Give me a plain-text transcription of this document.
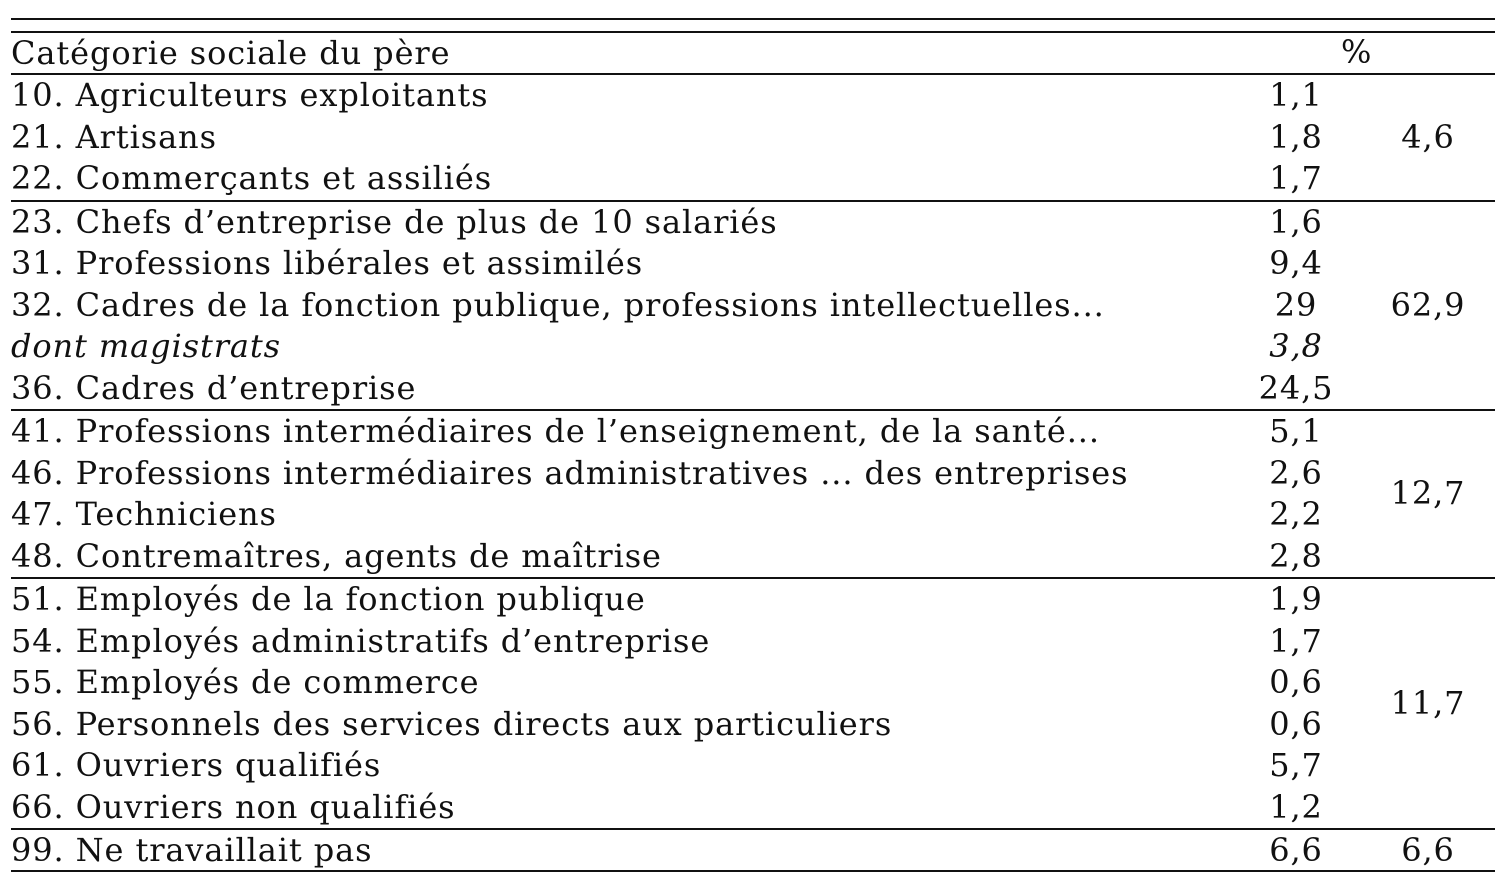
Catégorie sociale du père	%	

10. Agriculteurs exploitants	1,1	4,6
21. Artisans	1,8	
22. Commerçants et assiliés	1,7	
23. Chefs d’entreprise de plus de 10 salariés	1,6	62,9
31. Professions libérales et assimilés	9,4	
32. Cadres de la fonction publique, professions intellectuelles...	29	
dont magistrats	3,8	
36. Cadres d’entreprise	24,5	
41. Professions intermédiaires de l’enseignement, de la santé...	5,1	12,7
46. Professions intermédiaires administratives ... des entreprises	2,6	
47. Techniciens	2,2	
48. Contremaîtres, agents de maîtrise	2,8	
51. Employés de la fonction publique	1,9	11,7
54. Employés administratifs d’entreprise	1,7	
55. Employés de commerce	0,6	
56. Personnels des services directs aux particuliers	0,6	
61. Ouvriers qualifiés	5,7	
66. Ouvriers non qualifiés	1,2	
99. Ne travaillait pas	6,6	6,6
